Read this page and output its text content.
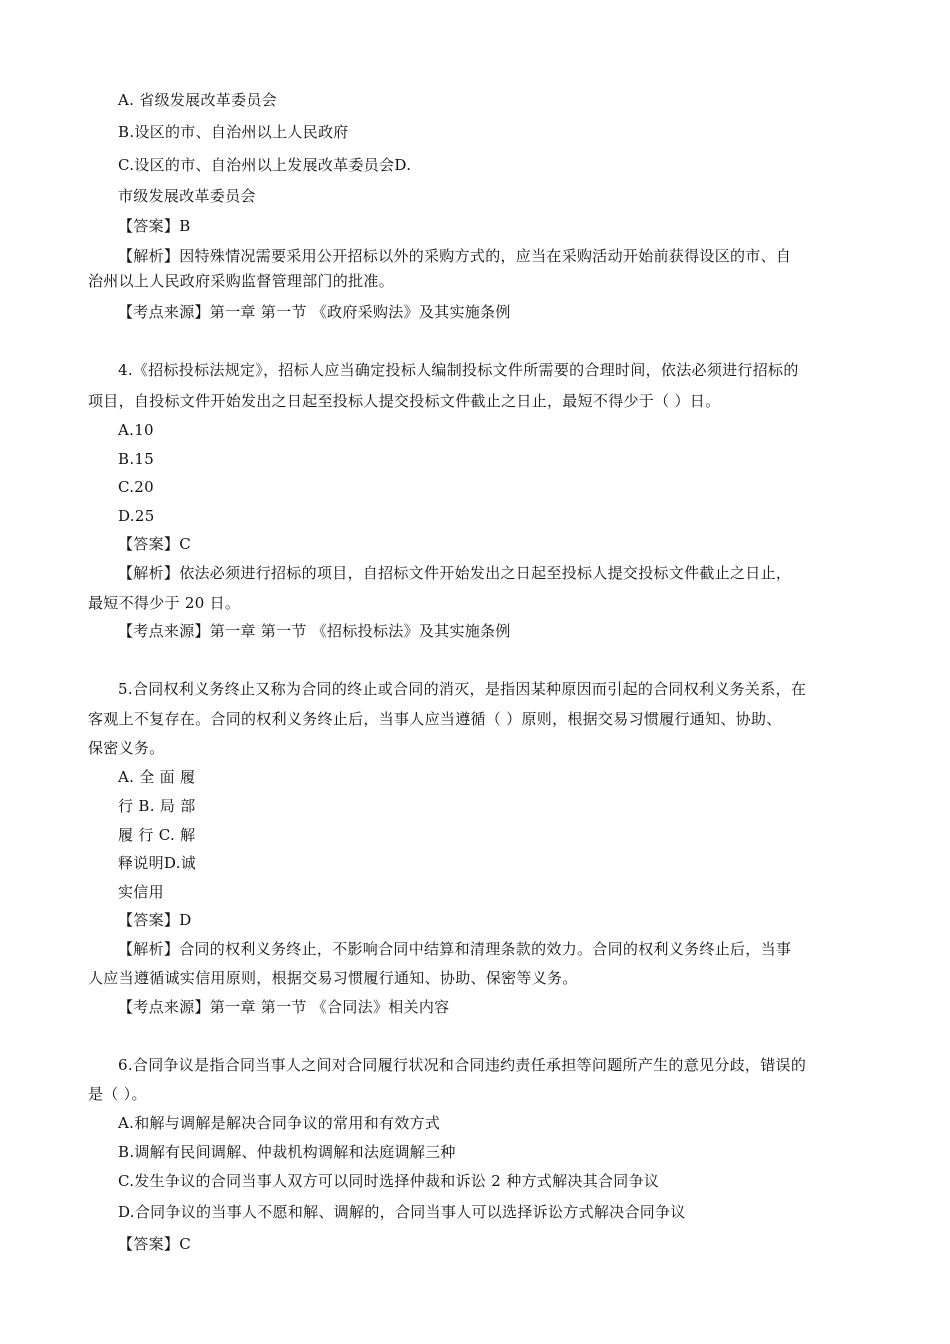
A. 省级发展改革委员会
B.设区的市、自治州以上人民政府
C.设区的市、自治州以上发展改革委员会D.
市级发展改革委员会
【答案】B
【解析】因特殊情况需要采用公开招标以外的采购方式的，应当在采购活动开始前获得设区的市、自
治州以上人民政府采购监督管理部门的批准。
【考点来源】第一章 第一节 《政府采购法》及其实施条例
4.《招标投标法规定》，招标人应当确定投标人编制投标文件所需要的合理时间，依法必须进行招标的
项目，自投标文件开始发出之日起至投标人提交投标文件截止之日止，最短不得少于（ ）日。
A.10
B.15
C.20
D.25
【答案】C
【解析】依法必须进行招标的项目，自招标文件开始发出之日起至投标人提交投标文件截止之日止，
最短不得少于 20 日。
【考点来源】第一章 第一节 《招标投标法》及其实施条例
5.合同权利义务终止又称为合同的终止或合同的消灭，是指因某种原因而引起的合同权利义务关系，在
客观上不复存在。合同的权利义务终止后，当事人应当遵循（ ）原则，根据交易习惯履行通知、协助、
保密义务。
A. 全 面 履
行 B. 局 部
履 行 C. 解
释说明D.诚
实信用
【答案】D
【解析】合同的权利义务终止，不影响合同中结算和清理条款的效力。合同的权利义务终止后，当事
人应当遵循诚实信用原则，根据交易习惯履行通知、协助、保密等义务。
【考点来源】第一章 第一节 《合同法》相关内容
6.合同争议是指合同当事人之间对合同履行状况和合同违约责任承担等问题所产生的意见分歧，错误的
是（ ）。
A.和解与调解是解决合同争议的常用和有效方式
B.调解有民间调解、仲裁机构调解和法庭调解三种
C.发生争议的合同当事人双方可以同时选择仲裁和诉讼 2 种方式解决其合同争议
D.合同争议的当事人不愿和解、调解的，合同当事人可以选择诉讼方式解决合同争议
【答案】C
